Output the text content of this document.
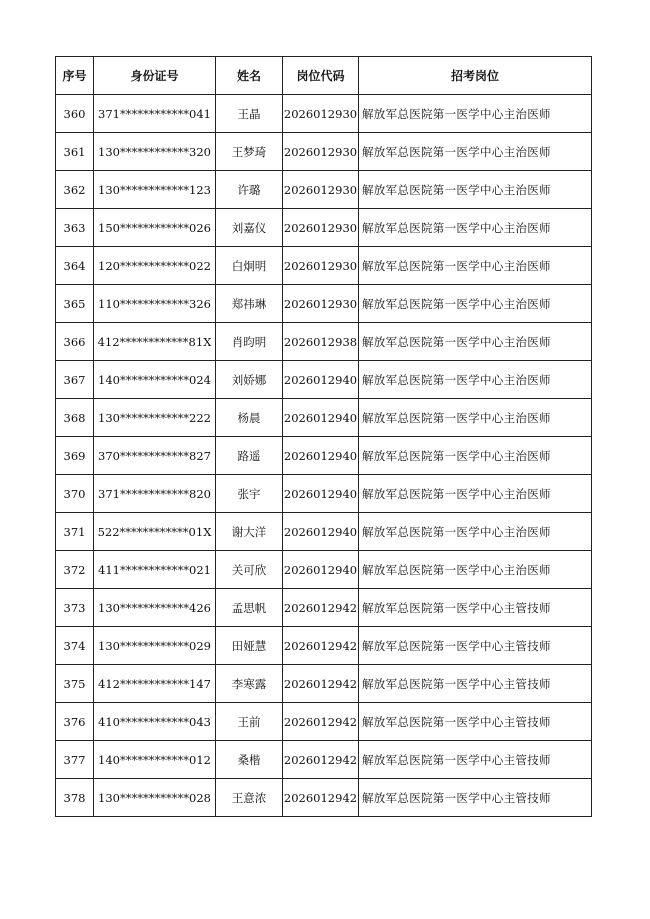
序号	身份证号	姓名	岗位代码	招考岗位
360	371************041	王晶	2026012930	解放军总医院第一医学中心主治医师
361	130************320	王梦琦	2026012930	解放军总医院第一医学中心主治医师
362	130************123	许璐	2026012930	解放军总医院第一医学中心主治医师
363	150************026	刘嘉仪	2026012930	解放军总医院第一医学中心主治医师
364	120************022	白炯明	2026012930	解放军总医院第一医学中心主治医师
365	110************326	郑祎琳	2026012930	解放军总医院第一医学中心主治医师
366	412************81X	肖昀明	2026012938	解放军总医院第一医学中心主治医师
367	140************024	刘娇娜	2026012940	解放军总医院第一医学中心主治医师
368	130************222	杨晨	2026012940	解放军总医院第一医学中心主治医师
369	370************827	路遥	2026012940	解放军总医院第一医学中心主治医师
370	371************820	张宇	2026012940	解放军总医院第一医学中心主治医师
371	522************01X	谢大洋	2026012940	解放军总医院第一医学中心主治医师
372	411************021	关可欣	2026012940	解放军总医院第一医学中心主治医师
373	130************426	孟思帆	2026012942	解放军总医院第一医学中心主管技师
374	130************029	田娅慧	2026012942	解放军总医院第一医学中心主管技师
375	412************147	李寒露	2026012942	解放军总医院第一医学中心主管技师
376	410************043	王前	2026012942	解放军总医院第一医学中心主管技师
377	140************012	桑楷	2026012942	解放军总医院第一医学中心主管技师
378	130************028	王意浓	2026012942	解放军总医院第一医学中心主管技师
